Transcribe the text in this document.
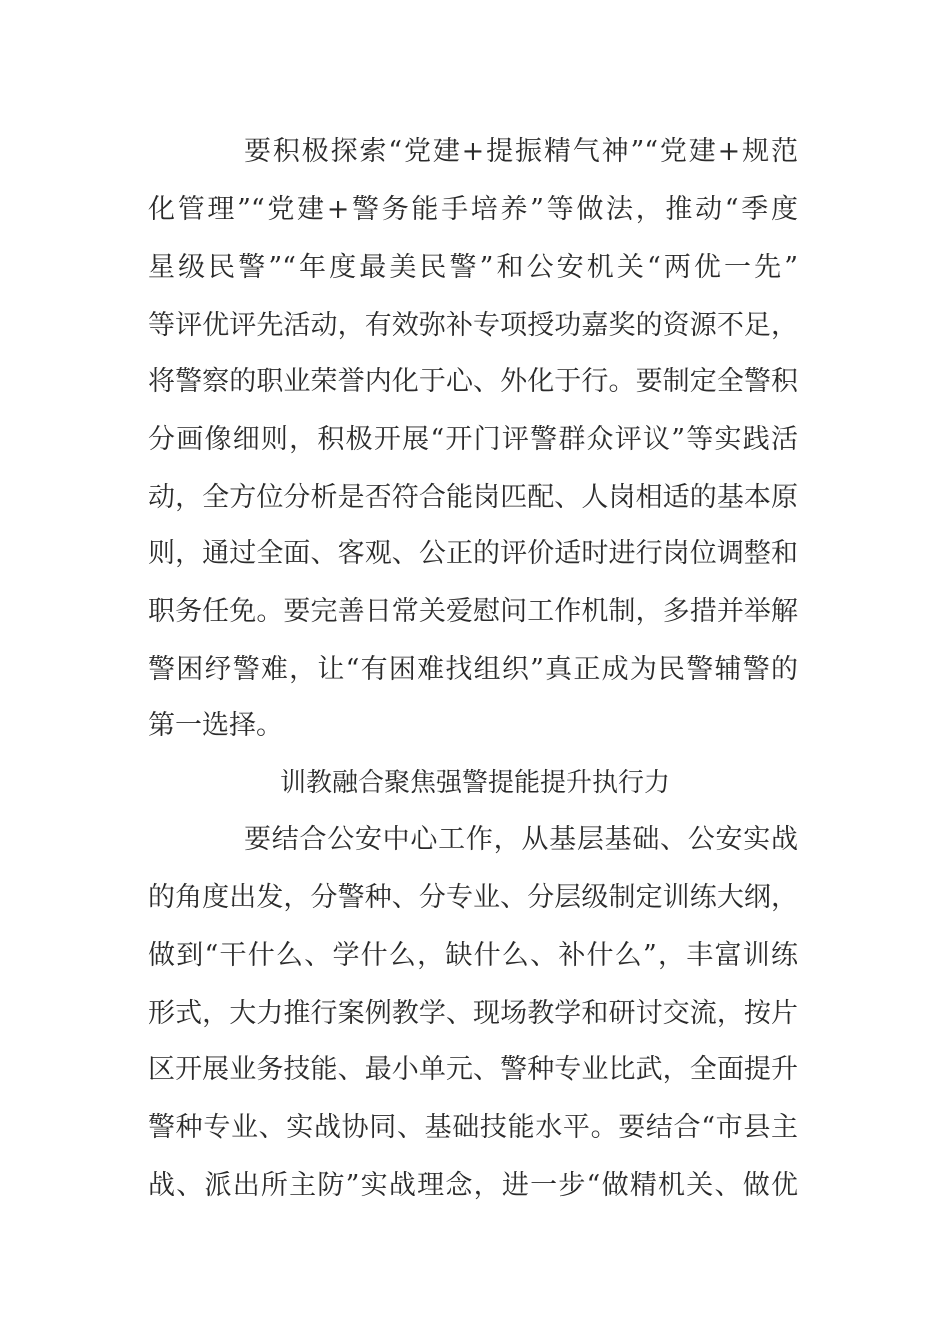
要积极探索“党建+提振精气神”“党建+规范
化管理”“党建+警务能手培养”等做法，推动“季度
星级民警”“年度最美民警”和公安机关“两优一先”
等评优评先活动，有效弥补专项授功嘉奖的资源不足，
将警察的职业荣誉内化于心、外化于行。要制定全警积
分画像细则，积极开展“开门评警群众评议”等实践活
动，全方位分析是否符合能岗匹配、人岗相适的基本原
则，通过全面、客观、公正的评价适时进行岗位调整和
职务任免。要完善日常关爱慰问工作机制，多措并举解
警困纾警难，让“有困难找组织”真正成为民警辅警的
第一选择。
训教融合聚焦强警提能提升执行力
要结合公安中心工作，从基层基础、公安实战
的角度出发，分警种、分专业、分层级制定训练大纲，
做到“干什么、学什么，缺什么、补什么”，丰富训练
形式，大力推行案例教学、现场教学和研讨交流，按片
区开展业务技能、最小单元、警种专业比武，全面提升
警种专业、实战协同、基础技能水平。要结合“市县主
战、派出所主防”实战理念，进一步“做精机关、做优
